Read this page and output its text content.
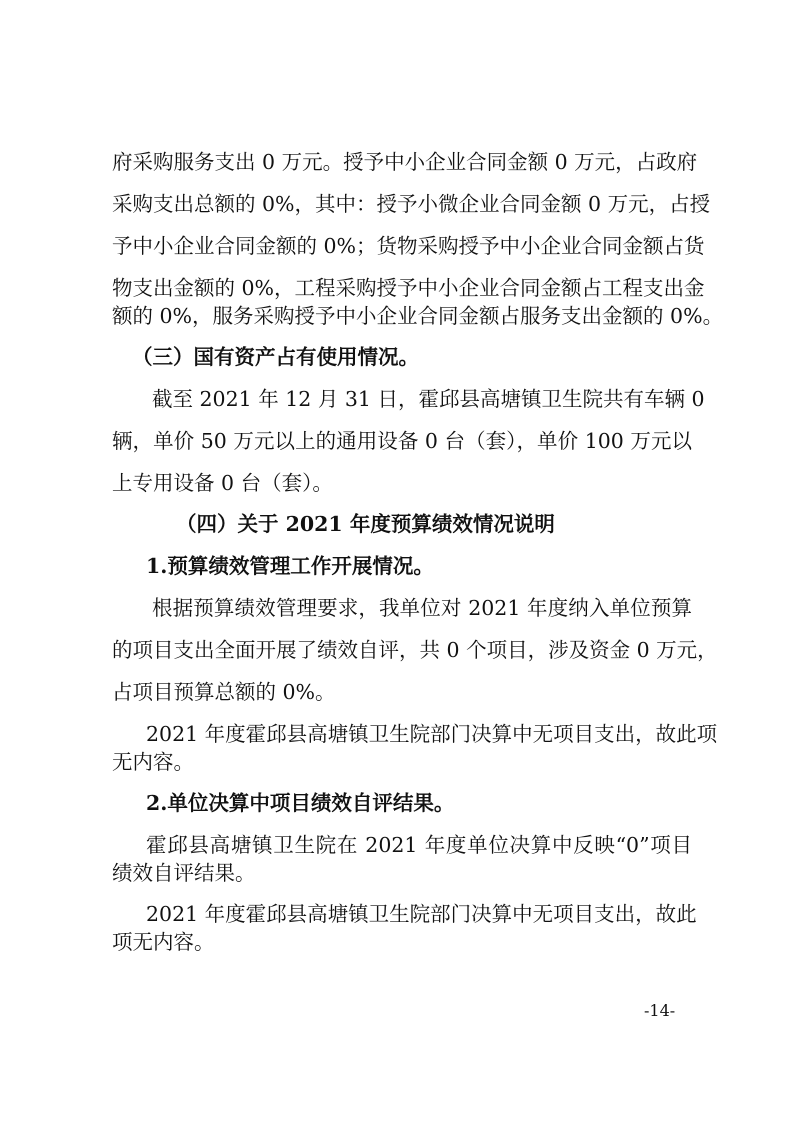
府采购服务支出 0 万元。授予中小企业合同金额 0 万元，占政府
采购支出总额的 0%，其中：授予小微企业合同金额 0 万元，占授
予中小企业合同金额的 0%；货物采购授予中小企业合同金额占货
物支出金额的 0%，工程采购授予中小企业合同金额占工程支出金
额的 0%，服务采购授予中小企业合同金额占服务支出金额的 0%。
（三）国有资产占有使用情况。
截至 2021 年 12 月 31 日，霍邱县高塘镇卫生院共有车辆 0
辆，单价 50 万元以上的通用设备 0 台（套），单价 100 万元以
上专用设备 0 台（套）。
（四）关于 2021 年度预算绩效情况说明
1.预算绩效管理工作开展情况。
根据预算绩效管理要求，我单位对 2021 年度纳入单位预算
的项目支出全面开展了绩效自评，共 0 个项目，涉及资金 0 万元，
占项目预算总额的 0%。
2021 年度霍邱县高塘镇卫生院部门决算中无项目支出，故此项
无内容。
2.单位决算中项目绩效自评结果。
霍邱县高塘镇卫生院在 2021 年度单位决算中反映“0”项目
绩效自评结果。
2021 年度霍邱县高塘镇卫生院部门决算中无项目支出，故此
项无内容。
-14-
